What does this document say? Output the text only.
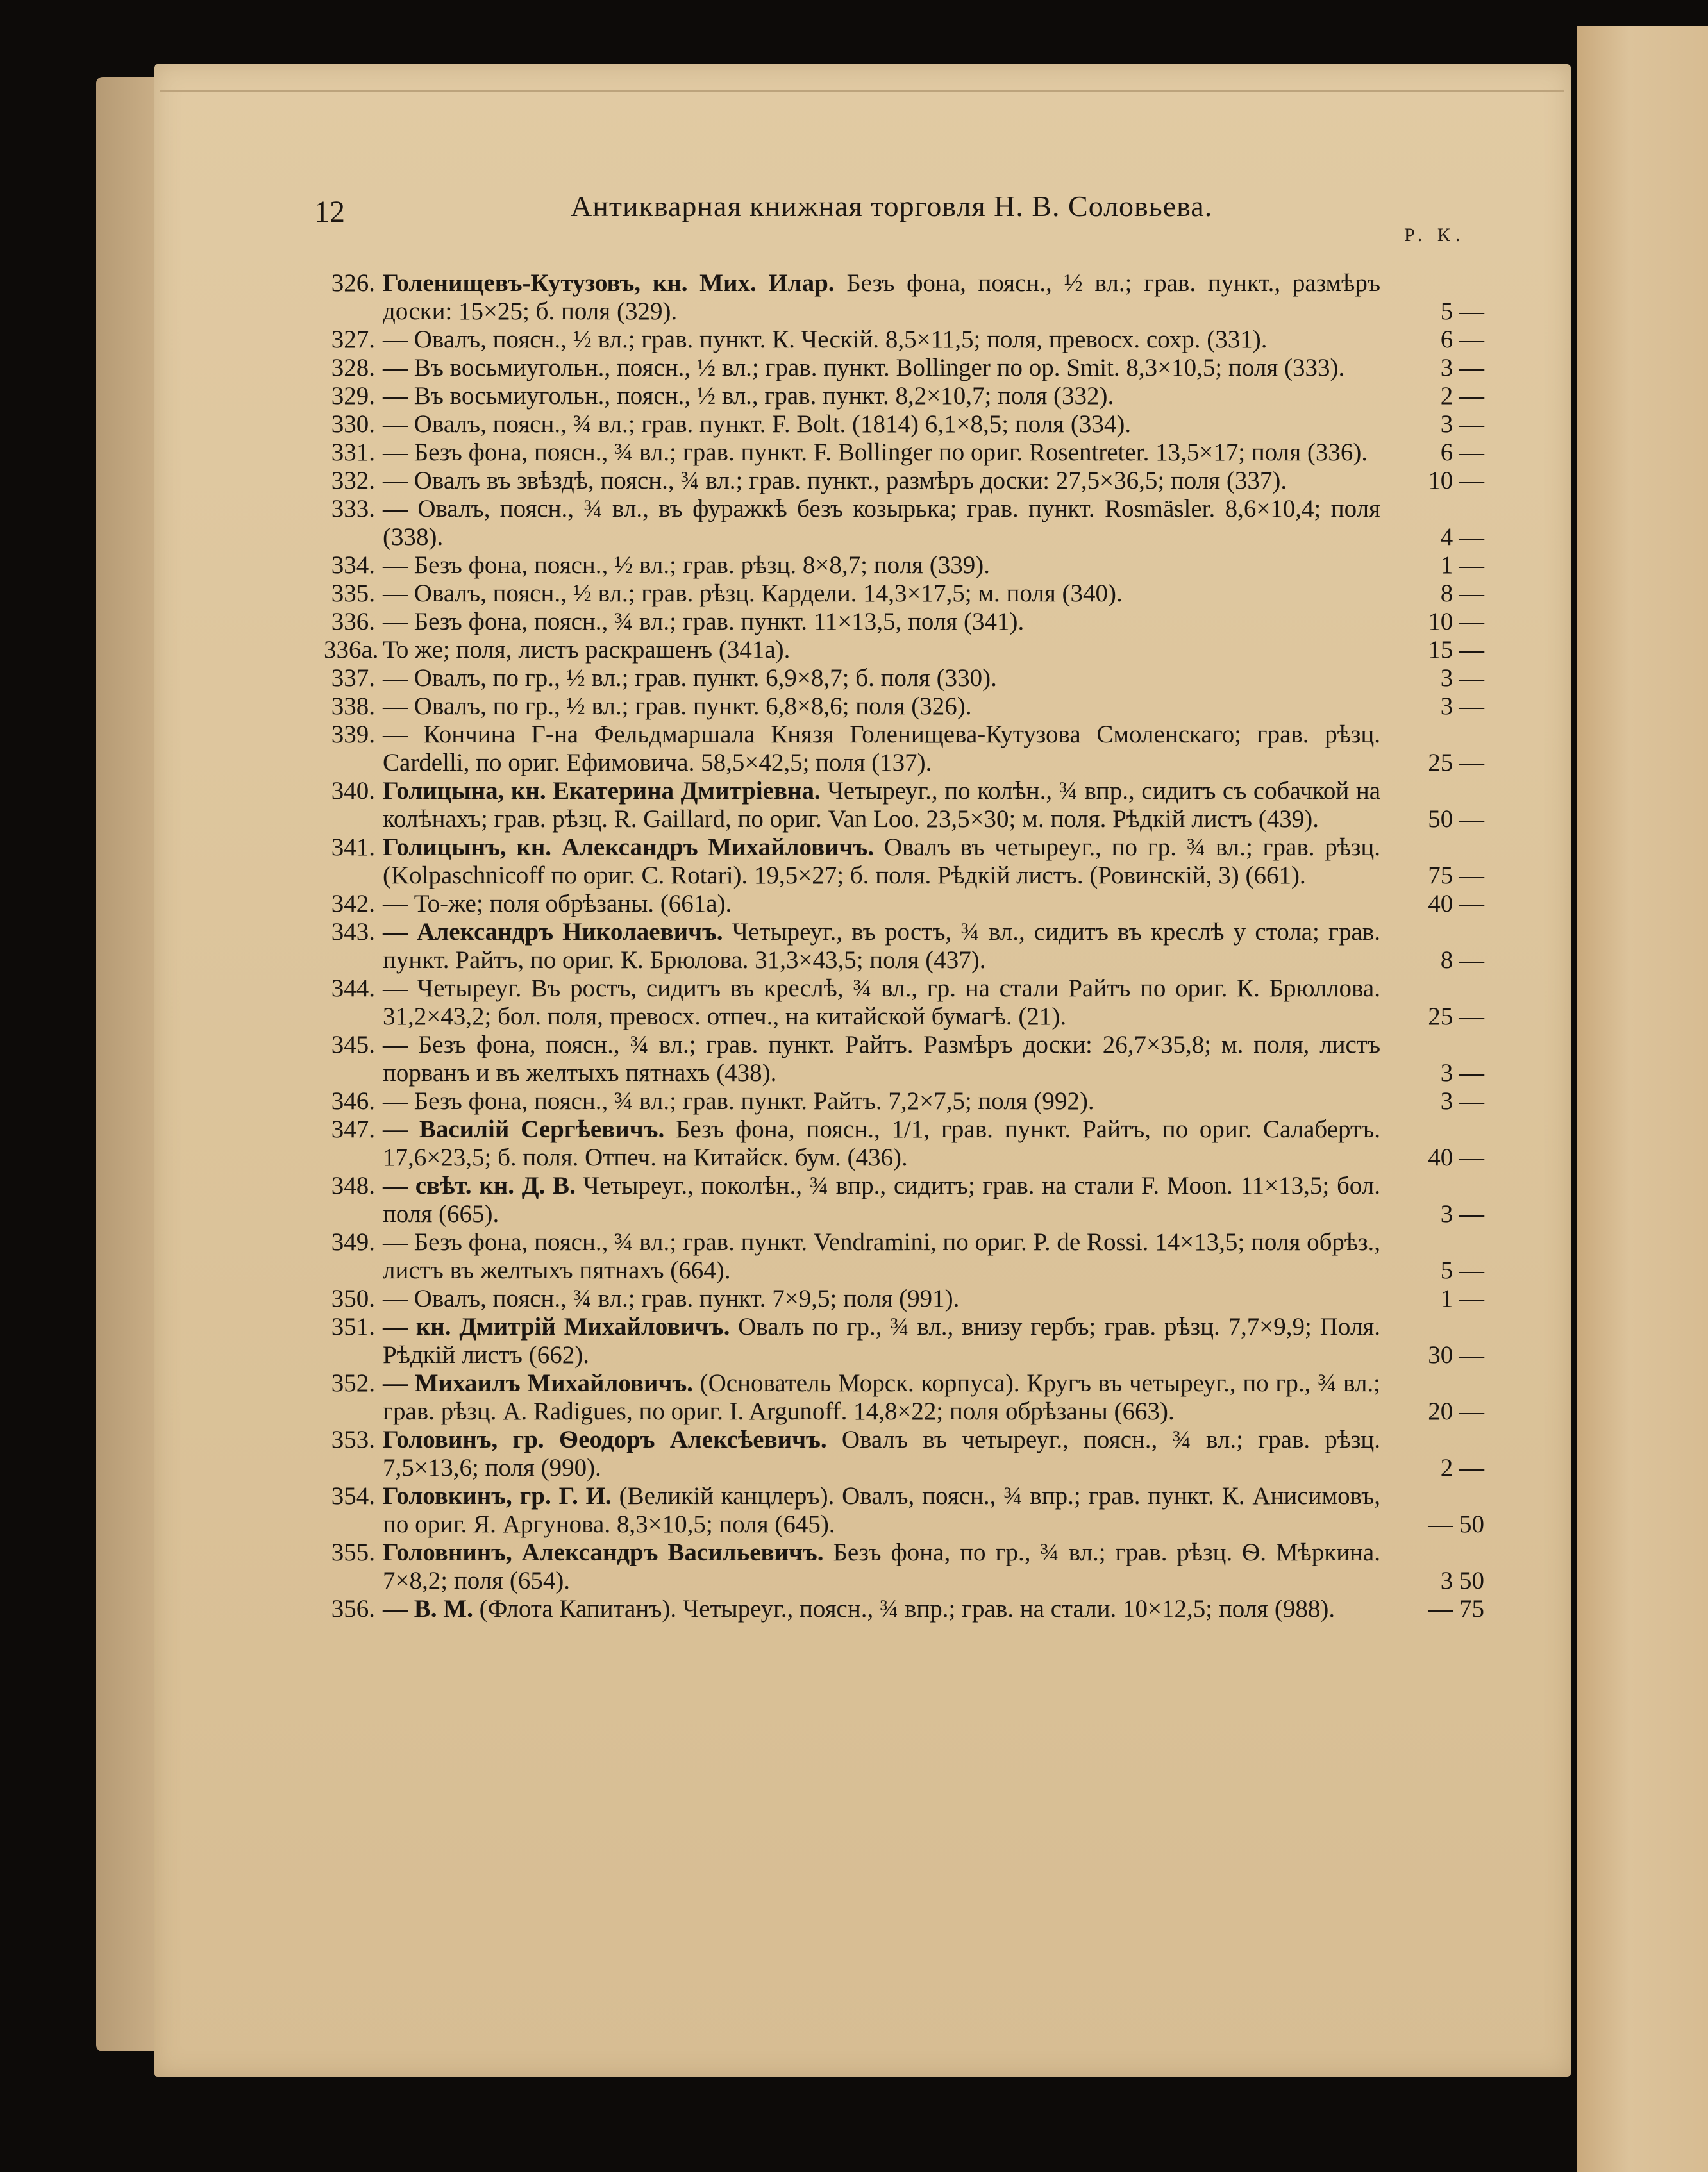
12	Антикварная книжная торговля Н. В. Соловьева.
Р. К.
326. Голенищевъ-Кутузовъ, кн. Мих. Илар. Безъ фона, поясн., ½ вл.; грав. пункт., размѣръ доски: 15×25; б. поля (329).	5 —
327. — Овалъ, поясн., ½ вл.; грав. пункт. К. Ческій. 8,5×11,5; поля, превосх. сохр. (331).	6 —
328. — Въ восьмиугольн., поясн., ½ вл.; грав. пункт. Bollinger по ор. Smit. 8,3×10,5; поля (333).	3 —
329. — Въ восьмиугольн., поясн., ½ вл., грав. пункт. 8,2×10,7; поля (332).	2 —
330. — Овалъ, поясн., ¾ вл.; грав. пункт. F. Bolt. (1814) 6,1×8,5; поля (334).	3 —
331. — Безъ фона, поясн., ¾ вл.; грав. пункт. F. Bollinger по ориг. Rosentreter. 13,5×17; поля (336).	6 —
332. — Овалъ въ звѣздѣ, поясн., ¾ вл.; грав. пункт., размѣръ доски: 27,5×36,5; поля (337).	10 —
333. — Овалъ, поясн., ¾ вл., въ фуражкѣ безъ козырька; грав. пункт. Rosmäsler. 8,6×10,4; поля (338).	4 —
334. — Безъ фона, поясн., ½ вл.; грав. рѣзц. 8×8,7; поля (339).	1 —
335. — Овалъ, поясн., ½ вл.; грав. рѣзц. Кардели. 14,3×17,5; м. поля (340).	8 —
336. — Безъ фона, поясн., ¾ вл.; грав. пункт. 11×13,5, поля (341).	10 —
336а. То же; поля, листъ раскрашенъ (341а).	15 —
337. — Овалъ, по гр., ½ вл.; грав. пункт. 6,9×8,7; б. поля (330).	3 —
338. — Овалъ, по гр., ½ вл.; грав. пункт. 6,8×8,6; поля (326).	3 —
339. — Кончина Г-на Фельдмаршала Князя Голенищева-Кутузова Смоленскаго; грав. рѣзц. Cardelli, по ориг. Ефимовича. 58,5×42,5; поля (137).	25 —
340. Голицына, кн. Екатерина Дмитріевна. Четыреуг., по колѣн., ¾ впр., сидитъ съ собачкой на колѣнахъ; грав. рѣзц. R. Gaillard, по ориг. Van Loo. 23,5×30; м. поля. Рѣдкій листъ (439).	50 —
341. Голицынъ, кн. Александръ Михайловичъ. Овалъ въ четыреуг., по гр. ¾ вл.; грав. рѣзц. (Kolpaschnicoff по ориг. C. Rotari). 19,5×27; б. поля. Рѣдкій листъ. (Ровинскій, 3) (661).	75 —
342. — То-же; поля обрѣзаны. (661а).	40 —
343. — Александръ Николаевичъ. Четыреуг., въ ростъ, ¾ вл., сидитъ въ креслѣ у стола; грав. пункт. Райтъ, по ориг. К. Брюлова. 31,3×43,5; поля (437).	8 —
344. — Четыреуг. Въ ростъ, сидитъ въ креслѣ, ¾ вл., гр. на стали Райтъ по ориг. К. Брюллова. 31,2×43,2; бол. поля, превосх. отпеч., на китайской бумагѣ. (21).	25 —
345. — Безъ фона, поясн., ¾ вл.; грав. пункт. Райтъ. Размѣръ доски: 26,7×35,8; м. поля, листъ порванъ и въ желтыхъ пятнахъ (438).	3 —
346. — Безъ фона, поясн., ¾ вл.; грав. пункт. Райтъ. 7,2×7,5; поля (992).	3 —
347. — Василій Сергѣевичъ. Безъ фона, поясн., 1/1, грав. пункт. Райтъ, по ориг. Салабертъ. 17,6×23,5; б. поля. Отпеч. на Китайск. бум. (436).	40 —
348. — свѣт. кн. Д. В. Четыреуг., поколѣн., ¾ впр., сидитъ; грав. на стали F. Moon. 11×13,5; бол. поля (665).	3 —
349. — Безъ фона, поясн., ¾ вл.; грав. пункт. Vendramini, по ориг. P. de Rossi. 14×13,5; поля обрѣз., листъ въ желтыхъ пятнахъ (664).	5 —
350. — Овалъ, поясн., ¾ вл.; грав. пункт. 7×9,5; поля (991).	1 —
351. — кн. Дмитрій Михайловичъ. Овалъ по гр., ¾ вл., внизу гербъ; грав. рѣзц. 7,7×9,9; Поля. Рѣдкій листъ (662).	30 —
352. — Михаилъ Михайловичъ. (Основатель Морск. корпуса). Кругъ въ четыреуг., по гр., ¾ вл.; грав. рѣзц. A. Radigues, по ориг. I. Argunoff. 14,8×22; поля обрѣзаны (663).	20 —
353. Головинъ, гр. Ѳеодоръ Алексѣевичъ. Овалъ въ четыреуг., поясн., ¾ вл.; грав. рѣзц. 7,5×13,6; поля (990).	2 —
354. Головкинъ, гр. Г. И. (Великій канцлеръ). Овалъ, поясн., ¾ впр.; грав. пункт. К. Анисимовъ, по ориг. Я. Аргунова. 8,3×10,5; поля (645).	— 50
355. Головнинъ, Александръ Васильевичъ. Безъ фона, по гр., ¾ вл.; грав. рѣзц. Ѳ. Мѣркина. 7×8,2; поля (654).	3 50
356. — В. М. (Флота Капитанъ). Четыреуг., поясн., ¾ впр.; грав. на стали. 10×12,5; поля (988).	— 75
